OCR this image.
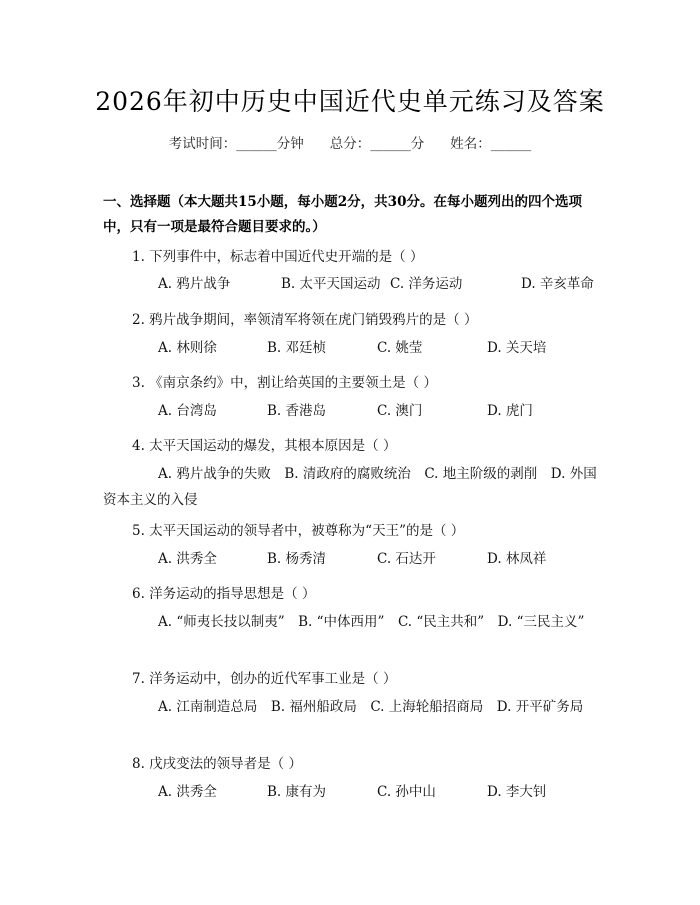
2026年初中历史中国近代史单元练习及答案
考试时间：______分钟 总分：______分 姓名：______
一、选择题（本大题共15小题，每小题2分，共30分。在每小题列出的四个选项中，只有一项是最符合题目要求的。）
1. 下列事件中，标志着中国近代史开端的是（ ）
A. 鸦片战争	B. 太平天国运动 C. 洋务运动	D. 辛亥革命
2. 鸦片战争期间，率领清军将领在虎门销毁鸦片的是（ ）
A. 林则徐	B. 邓廷桢	C. 姚莹	D. 关天培
3. 《南京条约》中，割让给英国的主要领土是（ ）
A. 台湾岛	B. 香港岛	C. 澳门	D. 虎门
4. 太平天国运动的爆发，其根本原因是（ ）
A. 鸦片战争的失败　B. 清政府的腐败统治　C. 地主阶级的剥削　D. 外国资本主义的入侵
5. 太平天国运动的领导者中，被尊称为“天王”的是（ ）
A. 洪秀全	B. 杨秀清	C. 石达开	D. 林凤祥
6. 洋务运动的指导思想是（ ）
A. “师夷长技以制夷”　B. “中体西用”　C. “民主共和”　D. “三民主义”
7. 洋务运动中，创办的近代军事工业是（ ）
A. 江南制造总局　B. 福州船政局　C. 上海轮船招商局　D. 开平矿务局
8. 戊戌变法的领导者是（ ）
A. 洪秀全	B. 康有为	C. 孙中山	D. 李大钊
